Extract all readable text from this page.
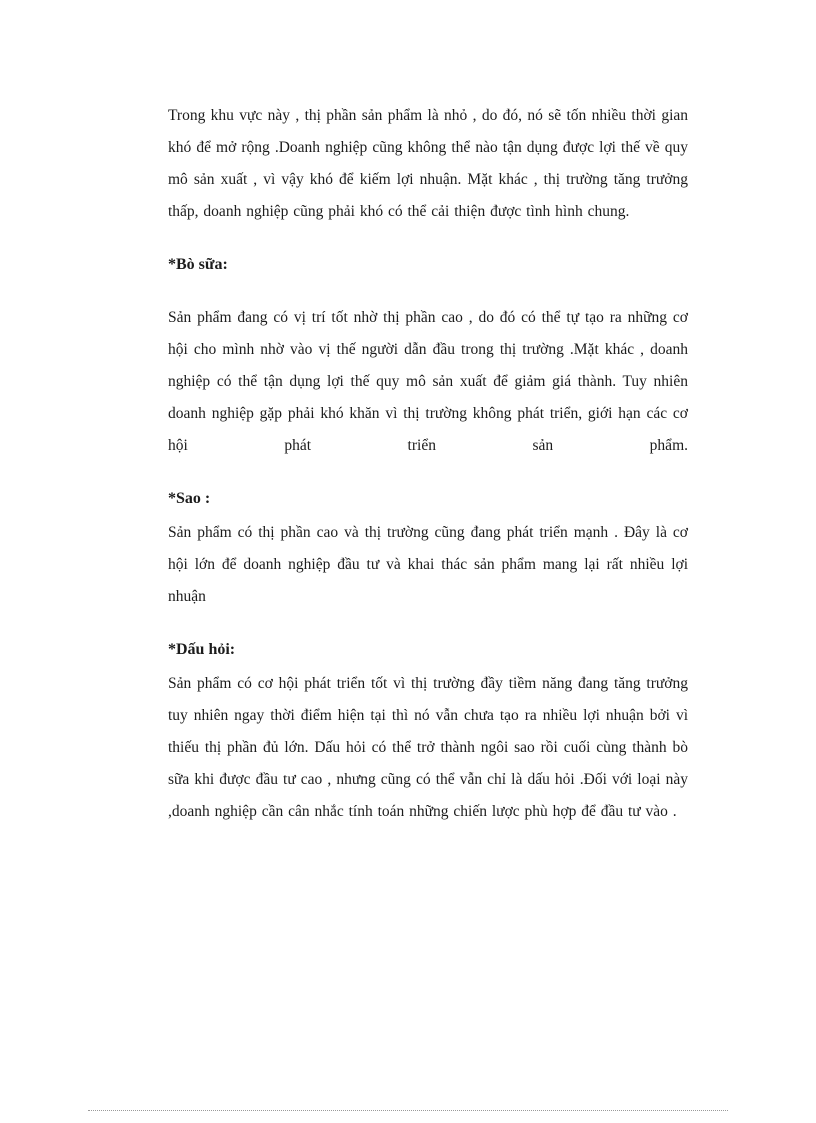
Trong khu vực này , thị phần sản phẩm là nhỏ , do đó, nó sẽ tốn nhiều thời gian khó để mở rộng .Doanh nghiệp cũng không thể nào tận dụng được lợi thế về quy mô sản xuất , vì vậy khó để kiếm lợi nhuận. Mặt khác , thị trường tăng trưởng thấp, doanh nghiệp cũng phải khó có thể cải thiện được tình hình chung.

*Bò sữa:

Sản phẩm đang có vị trí tốt nhờ thị phần cao , do đó có thể tự tạo ra những cơ hội cho mình nhờ vào vị thế người dẫn đầu trong thị trường .Mặt khác , doanh nghiệp có thể tận dụng lợi thế quy mô sản xuất để giảm giá thành. Tuy nhiên doanh nghiệp gặp phải khó khăn vì thị trường không phát triển, giới hạn các cơ hội phát triển sản phẩm.

*Sao :

Sản phẩm có thị phần cao và thị trường cũng đang phát triển mạnh . Đây là cơ hội lớn để doanh nghiệp đầu tư và khai thác sản phẩm mang lại rất nhiều lợi nhuận

*Dấu hỏi:

Sản phẩm có cơ hội phát triển tốt vì thị trường đầy tiềm năng đang tăng trưởng tuy nhiên ngay thời điểm hiện tại thì nó vẫn chưa tạo ra nhiều lợi nhuận bởi vì thiếu thị phần đủ lớn. Dấu hỏi có thể trở thành ngôi sao rồi cuối cùng thành bò sữa khi được đầu tư cao , nhưng cũng có thể vẫn chỉ là dấu hỏi .Đối với loại này ,doanh nghiệp cần cân nhắc tính toán những chiến lược phù hợp để đầu tư vào .
